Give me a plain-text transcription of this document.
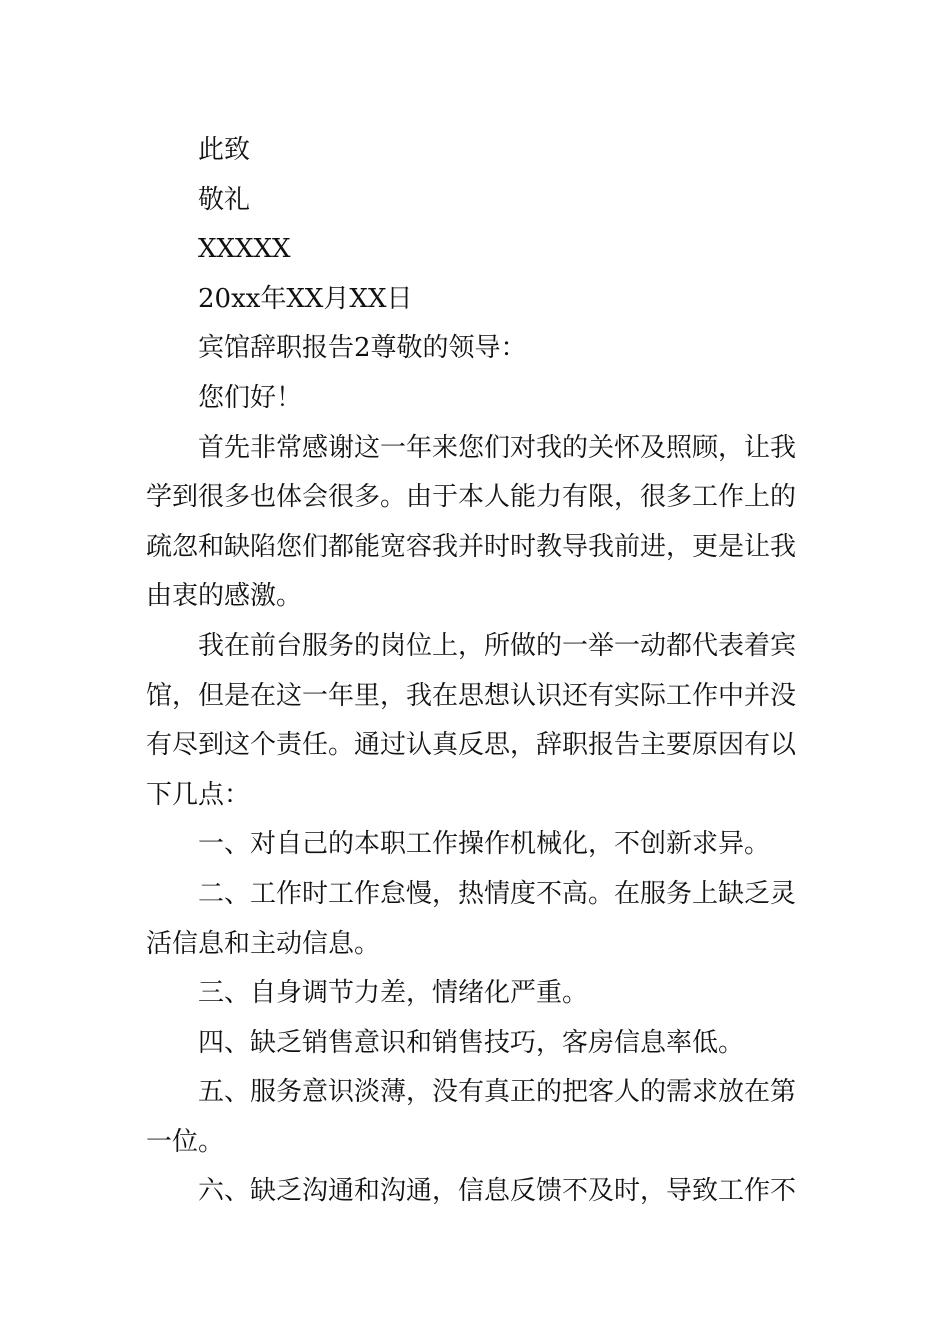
此致
敬礼
XXXXX
20xx年XX月XX日
宾馆辞职报告2尊敬的领导：
您们好！
首先非常感谢这一年来您们对我的关怀及照顾，让我
学到很多也体会很多。由于本人能力有限，很多工作上的
疏忽和缺陷您们都能宽容我并时时教导我前进，更是让我
由衷的感激。
我在前台服务的岗位上，所做的一举一动都代表着宾
馆，但是在这一年里，我在思想认识还有实际工作中并没
有尽到这个责任。通过认真反思，辞职报告主要原因有以
下几点：
一、对自己的本职工作操作机械化，不创新求异。
二、工作时工作怠慢，热情度不高。在服务上缺乏灵
活信息和主动信息。
三、自身调节力差，情绪化严重。
四、缺乏销售意识和销售技巧，客房信息率低。
五、服务意识淡薄，没有真正的把客人的需求放在第
一位。
六、缺乏沟通和沟通，信息反馈不及时，导致工作不
